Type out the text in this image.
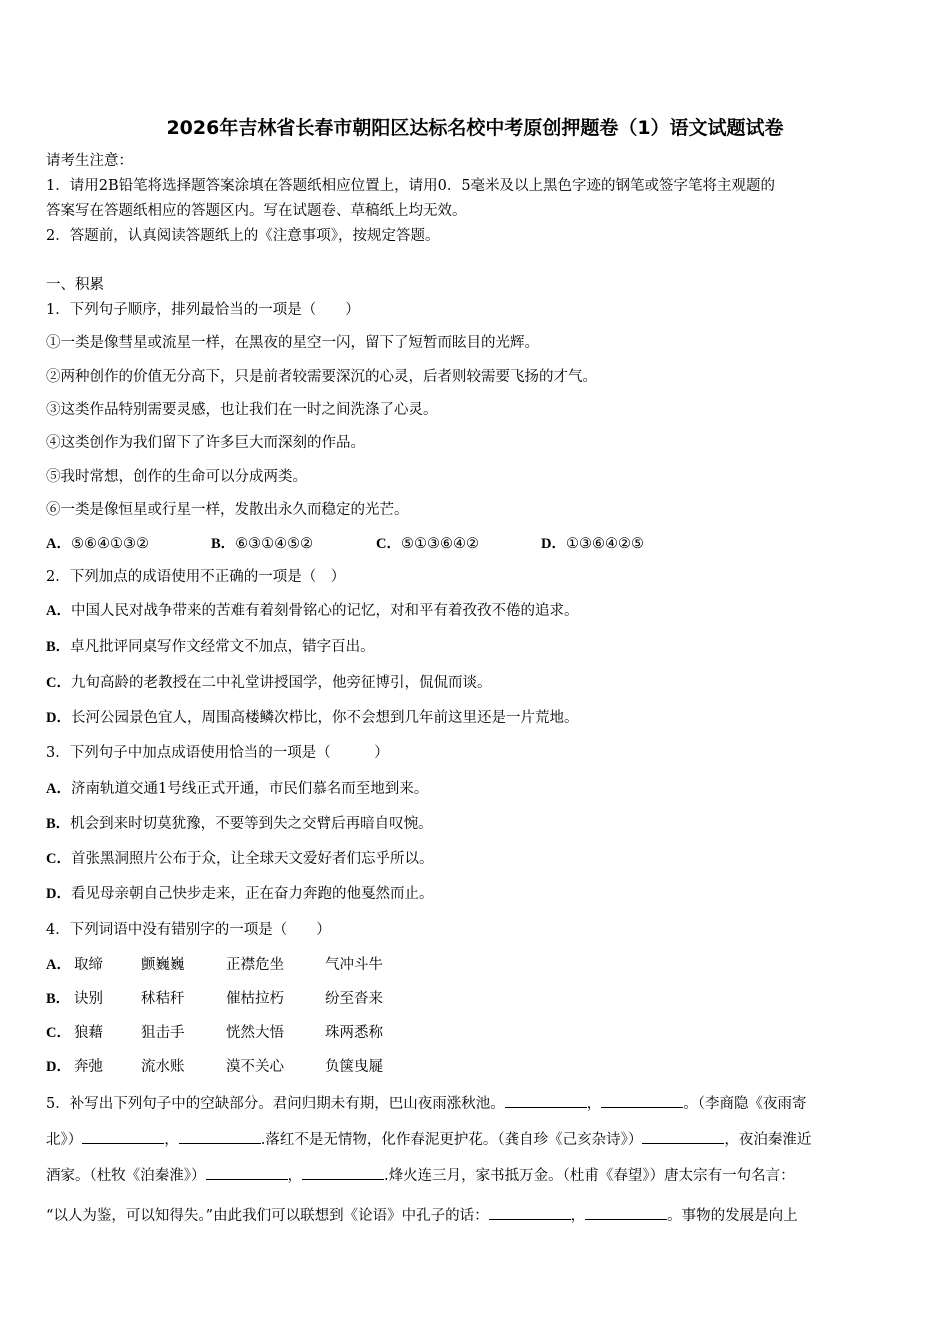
2026年吉林省长春市朝阳区达标名校中考原创押题卷（1）语文试题试卷
请考生注意：
1．请用2B铅笔将选择题答案涂填在答题纸相应位置上，请用0．5毫米及以上黑色字迹的钢笔或签字笔将主观题的
答案写在答题纸相应的答题区内。写在试题卷、草稿纸上均无效。
2．答题前，认真阅读答题纸上的《注意事项》，按规定答题。
一、积累
1．下列句子顺序，排列最恰当的一项是（　　）
①一类是像彗星或流星一样，在黑夜的星空一闪，留下了短暂而眩目的光辉。
②两种创作的价值无分高下，只是前者较需要深沉的心灵，后者则较需要飞扬的才气。
③这类作品特别需要灵感，也让我们在一时之间洗涤了心灵。
④这类创作为我们留下了许多巨大而深刻的作品。
⑤我时常想，创作的生命可以分成两类。
⑥一类是像恒星或行星一样，发散出永久而稳定的光芒。
A．⑤⑥④①③②	B．⑥③①④⑤②	C．⑤①③⑥④②	D．①③⑥④②⑤
2．下列加点的成语使用不正确的一项是（　）
A．中国人民对战争带来的苦难有着刻骨铭心的记忆，对和平有着孜孜不倦的追求。
B．卓凡批评同桌写作文经常文不加点，错字百出。
C．九旬高龄的老教授在二中礼堂讲授国学，他旁征博引，侃侃而谈。
D．长河公园景色宜人，周围高楼鳞次栉比，你不会想到几年前这里还是一片荒地。
3．下列句子中加点成语使用恰当的一项是（　　　）
A．济南轨道交通1号线正式开通，市民们慕名而至地到来。
B．机会到来时切莫犹豫，不要等到失之交臂后再暗自叹惋。
C．首张黑洞照片公布于众，让全球天文爱好者们忘乎所以。
D．看见母亲朝自己快步走来，正在奋力奔跑的他戛然而止。
4．下列词语中没有错别字的一项是（　　）
A． 取缔	颤巍巍	正襟危坐	气冲斗牛
B． 诀别	秫秸秆	催枯拉朽	纷至沓来
C． 狼藉	狙击手	恍然大悟	珠两悉称
D． 奔弛	流水账	漠不关心	负箧曳屣
5．补写出下列句子中的空缺部分。君问归期未有期，巴山夜雨涨秋池。	，	。（李商隐《夜雨寄
北》）	，	.落红不是无情物，化作春泥更护花。（龚自珍《己亥杂诗》）	，夜泊秦淮近
酒家。（杜牧《泊秦淮》）	，	.烽火连三月，家书抵万金。（杜甫《春望》）唐太宗有一句名言：
“以人为鉴，可以知得失。”由此我们可以联想到《论语》中孔子的话：	，	。事物的发展是向上
